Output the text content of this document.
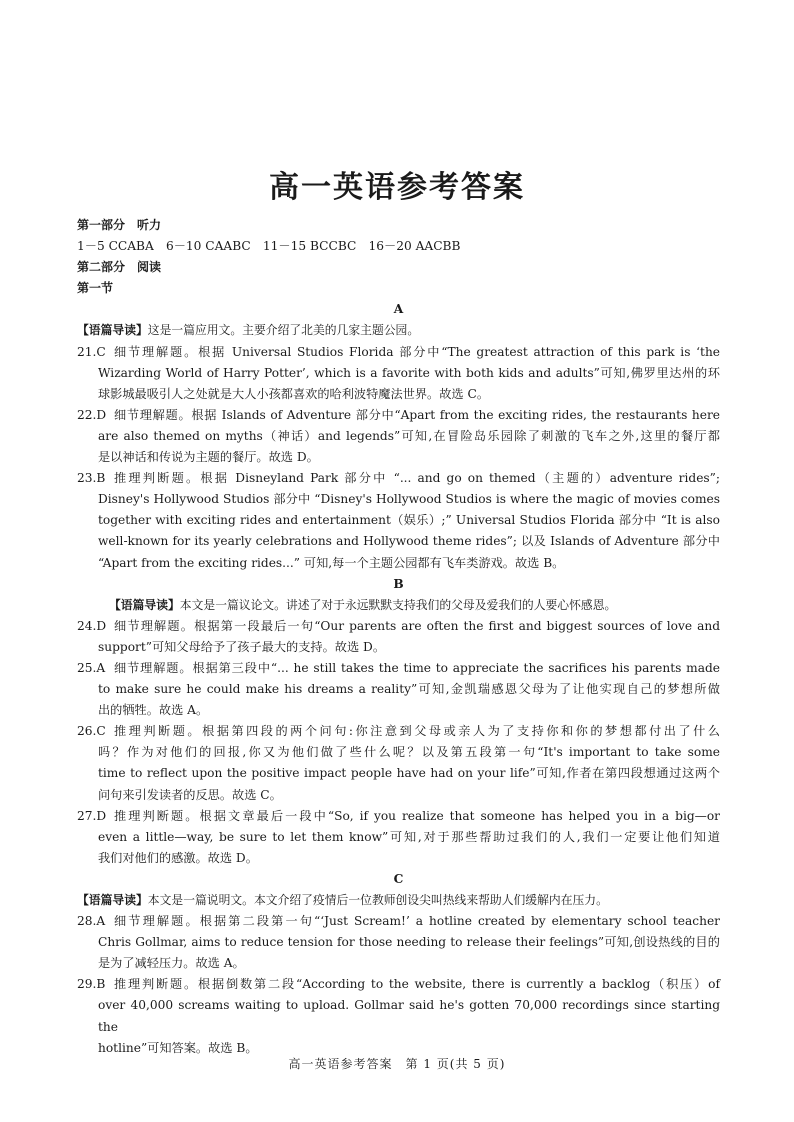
高一英语参考答案
第一部分　听力
1－5 CCABA　6－10 CAABC　11－15 BCCBC　16－20 AACBB
第二部分　阅读
第一节
A
【语篇导读】这是一篇应用文。主要介绍了北美的几家主题公园。
21.C 细节理解题。根据 Universal Studios Florida 部分中“The greatest attraction of this park is ‘the

Wizarding World of Harry Potter’, which is a favorite with both kids and adults”可知,佛罗里达州的环

球影城最吸引人之处就是大人小孩都喜欢的哈利波特魔法世界。故选 C。

22.D 细节理解题。根据 Islands of Adventure 部分中“Apart from the exciting rides, the restaurants here

are also themed on myths（神话）and legends”可知,在冒险岛乐园除了刺激的飞车之外,这里的餐厅都

是以神话和传说为主题的餐厅。故选 D。

23.B 推理判断题。根据 Disneyland Park 部分中 “... and go on themed（主题的）adventure rides”;

Disney's Hollywood Studios 部分中 “Disney's Hollywood Studios is where the magic of movies comes

together with exciting rides and entertainment（娱乐）;” Universal Studios Florida 部分中 “It is also

well-known for its yearly celebrations and Hollywood theme rides”; 以及 Islands of Adventure 部分中

“Apart from the exciting rides...” 可知,每一个主题公园都有飞车类游戏。故选 B。

B
【语篇导读】本文是一篇议论文。讲述了对于永远默默支持我们的父母及爱我们的人要心怀感恩。
24.D 细节理解题。根据第一段最后一句“Our parents are often the first and biggest sources of love and

support”可知父母给予了孩子最大的支持。故选 D。

25.A 细节理解题。根据第三段中“... he still takes the time to appreciate the sacrifices his parents made

to make sure he could make his dreams a reality”可知,金凯瑞感恩父母为了让他实现自己的梦想所做

出的牺牲。故选 A。

26.C 推理判断题。根据第四段的两个问句:你注意到父母或亲人为了支持你和你的梦想都付出了什么

吗？作为对他们的回报,你又为他们做了些什么呢？以及第五段第一句“It's important to take some

time to reflect upon the positive impact people have had on your life”可知,作者在第四段想通过这两个

问句来引发读者的反思。故选 C。

27.D 推理判断题。根据文章最后一段中“So, if you realize that someone has helped you in a big—or

even a little—way, be sure to let them know”可知,对于那些帮助过我们的人,我们一定要让他们知道

我们对他们的感激。故选 D。

C
【语篇导读】本文是一篇说明文。本文介绍了疫情后一位教师创设尖叫热线来帮助人们缓解内在压力。
28.A 细节理解题。根据第二段第一句“‘Just Scream!’ a hotline created by elementary school teacher

Chris Gollmar, aims to reduce tension for those needing to release their feelings”可知,创设热线的目的

是为了减轻压力。故选 A。

29.B 推理判断题。根据倒数第二段“According to the website, there is currently a backlog（积压）of

over 40,000 screams waiting to upload. Gollmar said he's gotten 70,000 recordings since starting the

hotline”可知答案。故选 B。

高一英语参考答案　第 1 页(共 5 页)
